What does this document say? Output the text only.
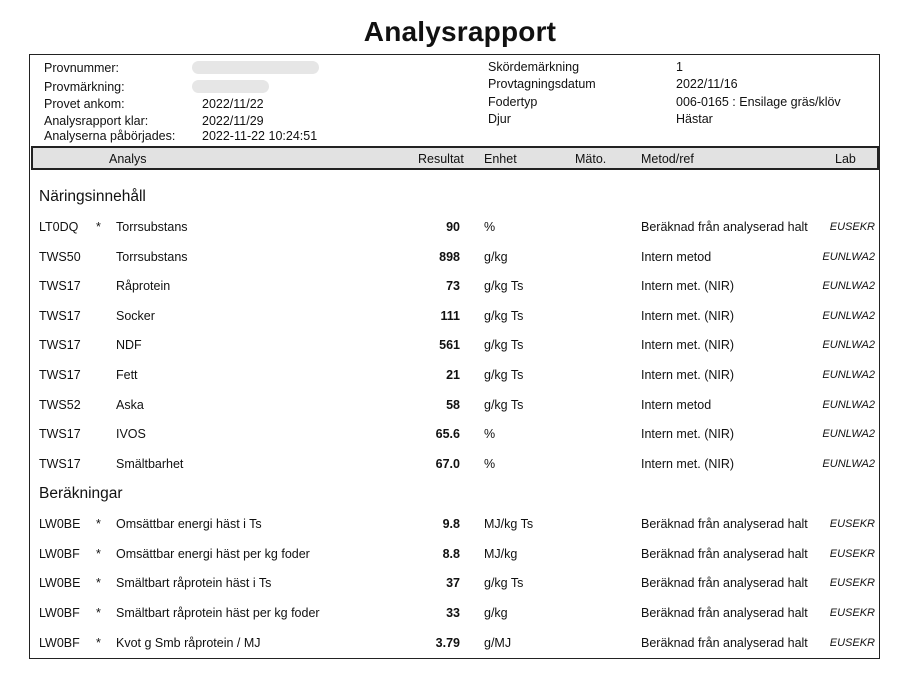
Analysrapport
Provnummer:
Provmärkning:
Provet ankom:	2022/11/22
Analysrapport klar:	2022/11/29
Analyserna påbörjades: 2022-11-22 10:24:51
Skördemärkning	1
Provtagningsdatum	2022/11/16
Fodertyp	006-0165 : Ensilage gräs/klöv
Djur	Hästar
Analys	Resultat Enhet	Mäto.	Metod/ref	Lab
Näringsinnehåll
LT0DQ * Torrsubstans	90 %	Beräknad från analyserad halt EUSEKR
TWS50	Torrsubstans	898 g/kg	Intern metod	EUNLWA2
TWS17	Råprotein	73 g/kg Ts	Intern met. (NIR)	EUNLWA2
TWS17	Socker	111 g/kg Ts	Intern met. (NIR)	EUNLWA2
TWS17	NDF	561 g/kg Ts	Intern met. (NIR)	EUNLWA2
TWS17	Fett	21 g/kg Ts	Intern met. (NIR)	EUNLWA2
TWS52	Aska	58 g/kg Ts	Intern metod	EUNLWA2
TWS17	IVOS	65.6 %	Intern met. (NIR)	EUNLWA2
TWS17	Smältbarhet	67.0 %	Intern met. (NIR)	EUNLWA2
Beräkningar
LW0BE * Omsättbar energi häst i Ts	9.8 MJ/kg Ts	Beräknad från analyserad halt EUSEKR
LW0BF * Omsättbar energi häst per kg foder	8.8 MJ/kg	Beräknad från analyserad halt EUSEKR
LW0BE * Smältbart råprotein häst i Ts	37 g/kg Ts	Beräknad från analyserad halt EUSEKR
LW0BF * Smältbart råprotein häst per kg foder	33 g/kg	Beräknad från analyserad halt EUSEKR
LW0BF * Kvot g Smb råprotein / MJ	3.79 g/MJ	Beräknad från analyserad halt EUSEKR
